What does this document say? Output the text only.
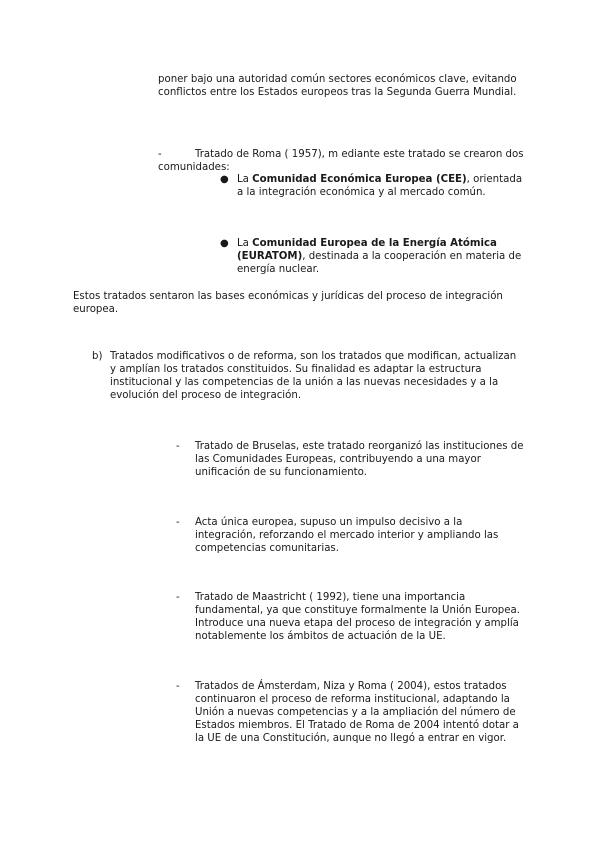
poner bajo una autoridad común sectores económicos clave, evitando conflictos entre los Estados europeos tras la Segunda Guerra Mundial.

-	Tratado de Roma ( 1957), m ediante este tratado se crearon dos comunidades:

● La Comunidad Económica Europea (CEE), orientada a la integración económica y al mercado común.
● La Comunidad Europea de la Energía Atómica (EURATOM), destinada a la cooperación en materia de energía nuclear.

Estos tratados sentaron las bases económicas y jurídicas del proceso de integración europea.

b) Tratados modificativos o de reforma, son los tratados que modifican, actualizan y amplían los tratados constituidos. Su finalidad es adaptar la estructura institucional y las competencias de la unión a las nuevas necesidades y a la evolución del proceso de integración.

- Tratado de Bruselas, este tratado reorganizó las instituciones de las Comunidades Europeas, contribuyendo a una mayor unificación de su funcionamiento.
- Acta única europea, supuso un impulso decisivo a la integración, reforzando el mercado interior y ampliando las competencias comunitarias.
- Tratado de Maastricht ( 1992), tiene una importancia fundamental, ya que constituye formalmente la Unión Europea. Introduce una nueva etapa del proceso de integración y amplía notablemente los ámbitos de actuación de la UE.
- Tratados de Ámsterdam, Niza y Roma ( 2004), estos tratados continuaron el proceso de reforma institucional, adaptando la Unión a nuevas competencias y a la ampliación del número de Estados miembros. El Tratado de Roma de 2004 intentó dotar a la UE de una Constitución, aunque no llegó a entrar en vigor.
